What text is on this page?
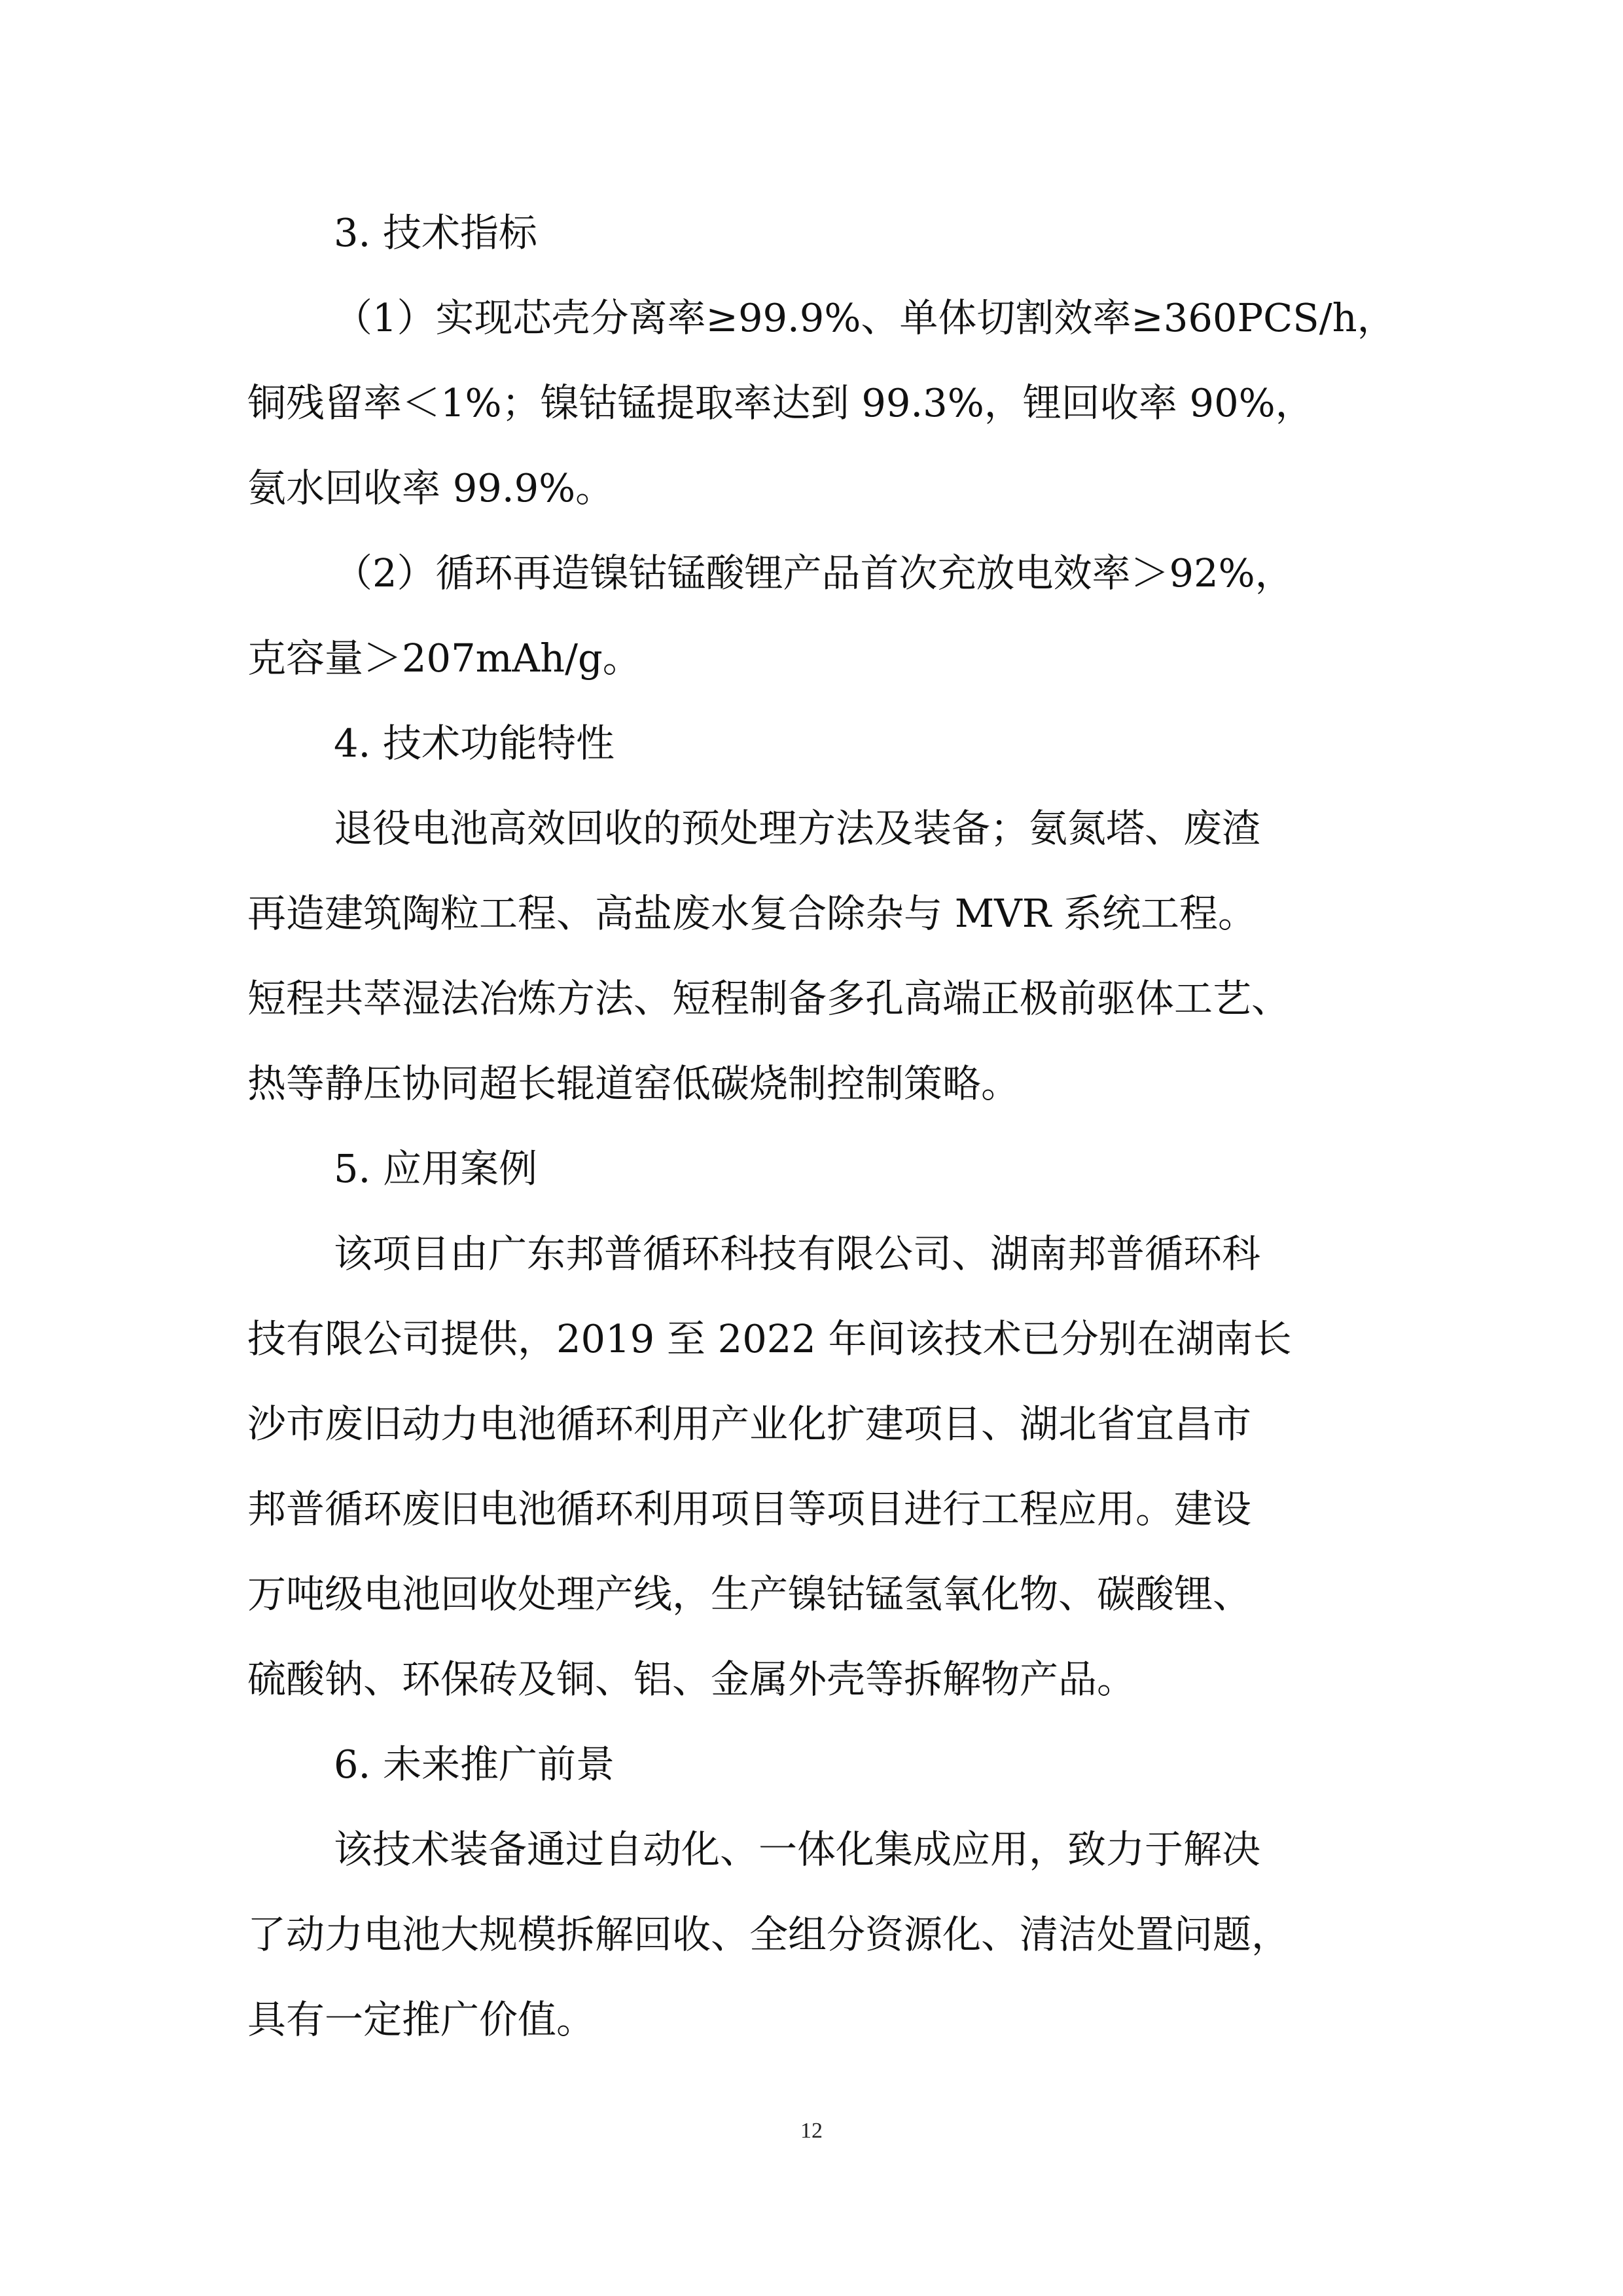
3. 技术指标
（1）实现芯壳分离率≥99.9%、单体切割效率≥360PCS/h，
铜残留率＜1%；镍钴锰提取率达到 99.3%，锂回收率 90%，
氨水回收率 99.9%。
（2）循环再造镍钴锰酸锂产品首次充放电效率＞92%，
克容量＞207mAh/g。
4. 技术功能特性
退役电池高效回收的预处理方法及装备；氨氮塔、废渣
再造建筑陶粒工程、高盐废水复合除杂与 MVR 系统工程。
短程共萃湿法冶炼方法、短程制备多孔高端正极前驱体工艺、
热等静压协同超长辊道窑低碳烧制控制策略。
5. 应用案例
该项目由广东邦普循环科技有限公司、湖南邦普循环科
技有限公司提供，2019 至 2022 年间该技术已分别在湖南长
沙市废旧动力电池循环利用产业化扩建项目、湖北省宜昌市
邦普循环废旧电池循环利用项目等项目进行工程应用。建设
万吨级电池回收处理产线，生产镍钴锰氢氧化物、碳酸锂、
硫酸钠、环保砖及铜、铝、金属外壳等拆解物产品。
6. 未来推广前景
该技术装备通过自动化、一体化集成应用，致力于解决
了动力电池大规模拆解回收、全组分资源化、清洁处置问题，
具有一定推广价值。
12
